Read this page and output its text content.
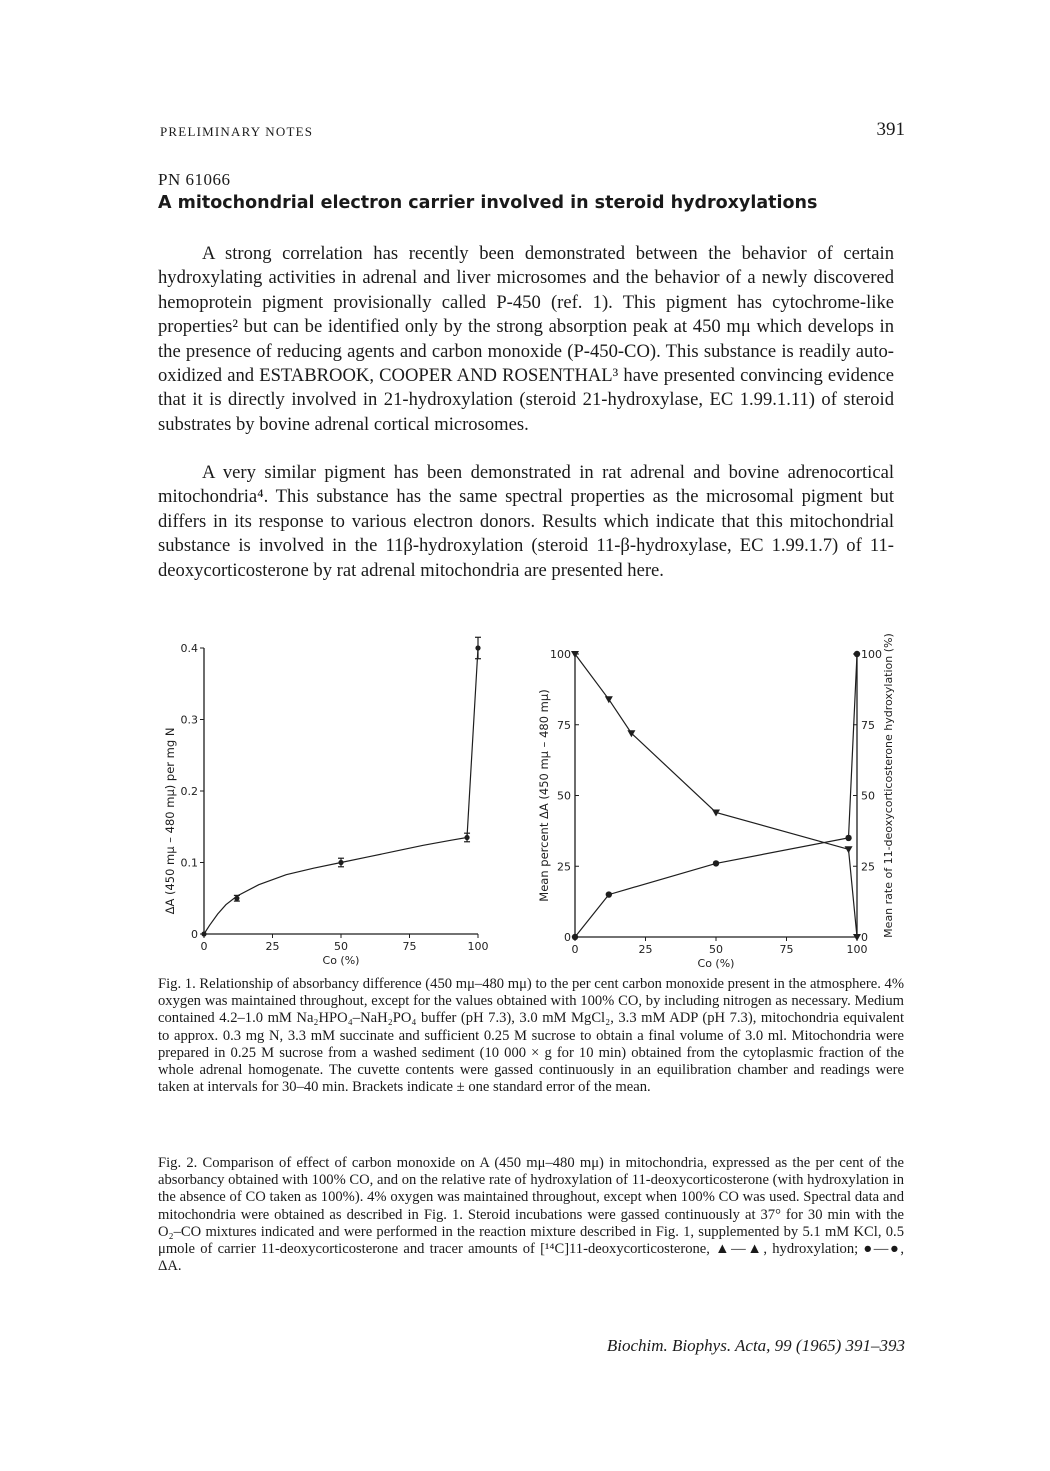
PRELIMINARY NOTES	391
PN 61066
A mitochondrial electron carrier involved in steroid hydroxylations

A strong correlation has recently been demonstrated between the behavior of certain hydroxylating activities in adrenal and liver microsomes and the behavior of a newly discovered hemoprotein pigment provisionally called P-450 (ref. 1). This pigment has cytochrome-like properties² but can be identified only by the strong absorption peak at 450 mμ which develops in the presence of reducing agents and carbon monoxide (P-450-CO). This substance is readily auto-oxidized and ESTABROOK, COOPER AND ROSENTHAL³ have presented convincing evidence that it is directly involved in 21-hydroxylation (steroid 21-hydroxylase, EC 1.99.1.11) of steroid substrates by bovine adrenal cortical microsomes.

A very similar pigment has been demonstrated in rat adrenal and bovine adrenocortical mitochondria⁴. This substance has the same spectral properties as the microsomal pigment but differs in its response to various electron donors. Results which indicate that this mitochondrial substance is involved in the 11β-hydroxylation (steroid 11-β-hydroxylase, EC 1.99.1.7) of 11-deoxycorticosterone by rat adrenal mitochondria are presented here.

0
0.1
0.2
0.3
0.4
0	25	50	75	100
Co (%)
ΔA (450 mμ – 480 mμ) per mg N
0
25
50
75
100
0
25
50
75
100
0	25	50	75	100
Co (%)
Mean percent ΔA (450 mμ – 480 mμ)	Mean rate of 11-deoxycorticosterone hydroxylation (%)

Fig. 1. Relationship of absorbancy difference (450 mμ–480 mμ) to the per cent carbon monoxide present in the atmosphere. 4% oxygen was maintained throughout, except for the values obtained with 100% CO, by including nitrogen as necessary. Medium contained 4.2–1.0 mM Na₂HPO₄–NaH₂PO₄ buffer (pH 7.3), 3.0 mM MgCl₂, 3.3 mM ADP (pH 7.3), mitochondria equivalent to approx. 0.3 mg N, 3.3 mM succinate and sufficient 0.25 M sucrose to obtain a final volume of 3.0 ml. Mitochondria were prepared in 0.25 M sucrose from a washed sediment (10 000 × g for 10 min) obtained from the cytoplasmic fraction of the whole adrenal homogenate. The cuvette contents were gassed continuously in an equilibration chamber and readings were taken at intervals for 30–40 min. Brackets indicate ± one standard error of the mean.

Fig. 2. Comparison of effect of carbon monoxide on A (450 mμ–480 mμ) in mitochondria, expressed as the per cent of the absorbancy obtained with 100% CO, and on the relative rate of hydroxylation of 11-deoxycorticosterone (with hydroxylation in the absence of CO taken as 100%). 4% oxygen was maintained throughout, except when 100% CO was used. Spectral data and mitochondria were obtained as described in Fig. 1. Steroid incubations were gassed continuously at 37° for 30 min with the O₂–CO mixtures indicated and were performed in the reaction mixture described in Fig. 1, supplemented by 5.1 mM KCl, 0.5 μmole of carrier 11-deoxycorticosterone and tracer amounts of [¹⁴C]11-deoxycorticosterone, ▲—▲, hydroxylation; ●—●, ΔA.

Biochim. Biophys. Acta, 99 (1965) 391–393
